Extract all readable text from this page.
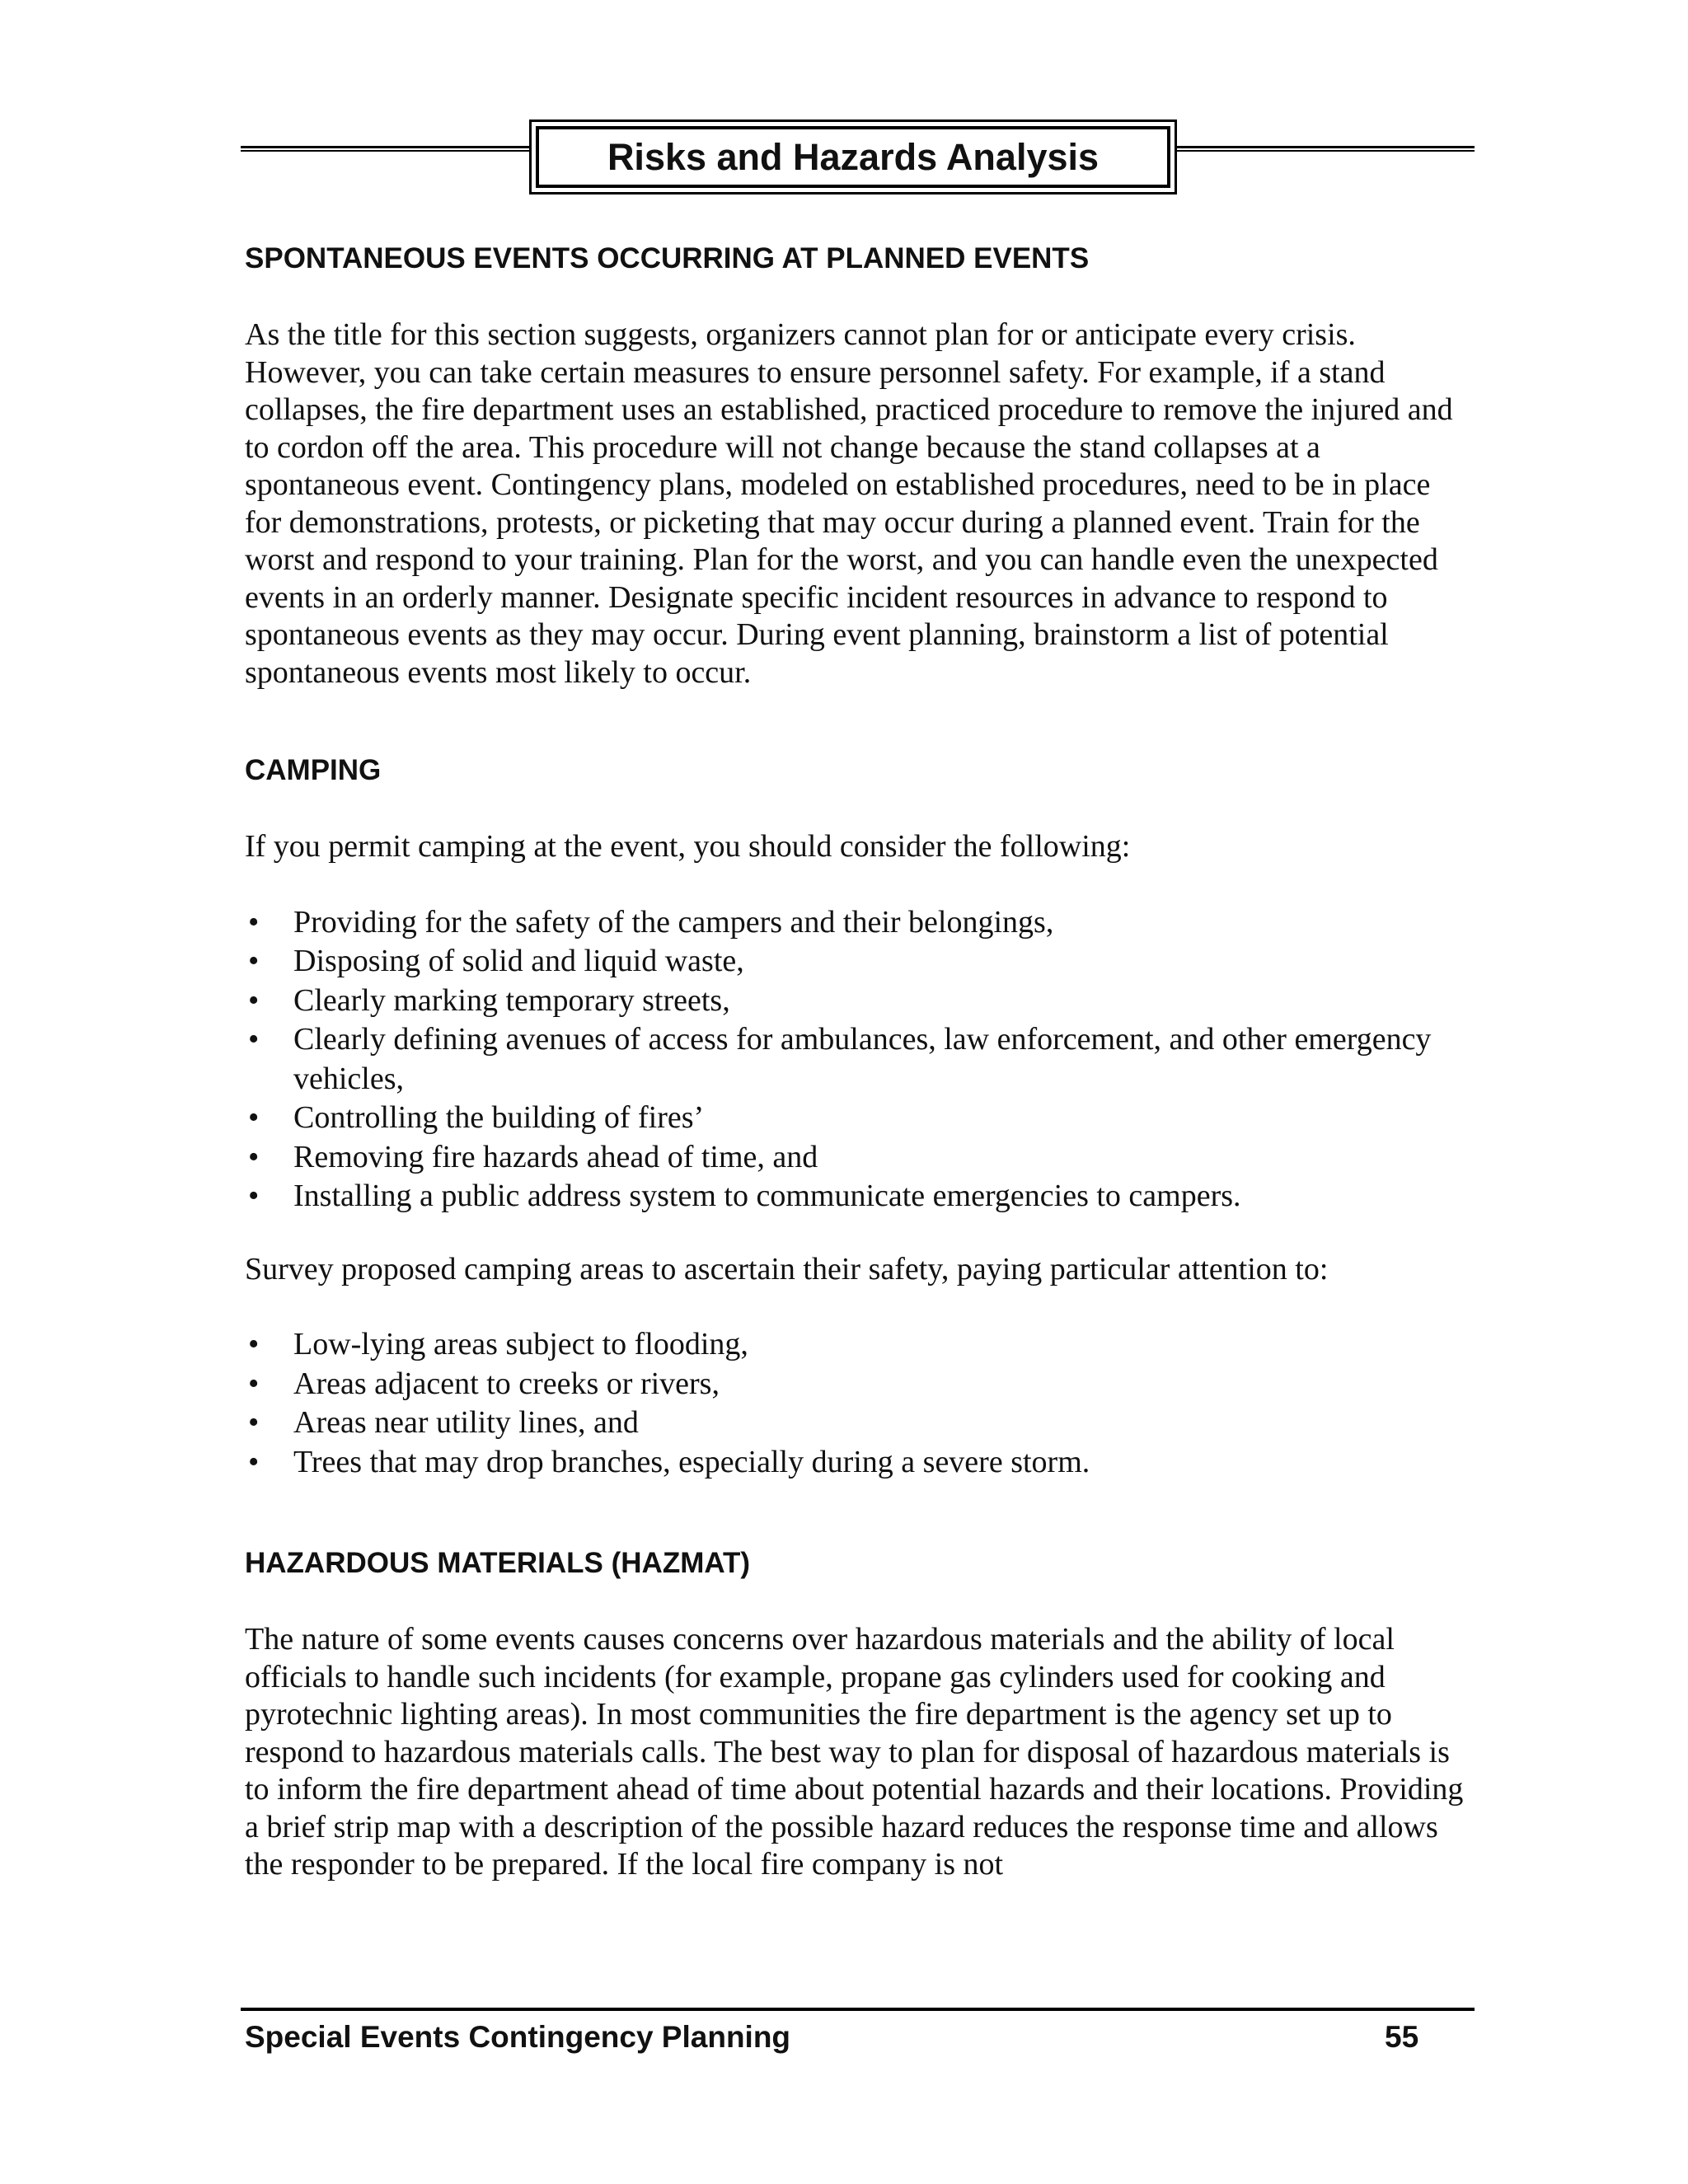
Risks and Hazards Analysis
SPONTANEOUS EVENTS OCCURRING AT PLANNED EVENTS

As the title for this section suggests, organizers cannot plan for or anticipate every crisis. However, you can take certain measures to ensure personnel safety. For example, if a stand collapses, the fire department uses an established, practiced procedure to remove the injured and to cordon off the area. This procedure will not change because the stand collapses at a spontaneous event. Contingency plans, modeled on established procedures, need to be in place for demonstrations, protests, or picketing that may occur during a planned event. Train for the worst and respond to your training. Plan for the worst, and you can handle even the unexpected events in an orderly manner. Designate specific incident resources in advance to respond to spontaneous events as they may occur. During event planning, brainstorm a list of potential spontaneous events most likely to occur.

CAMPING

If you permit camping at the event, you should consider the following:

• Providing for the safety of the campers and their belongings,
• Disposing of solid and liquid waste,
• Clearly marking temporary streets,
• Clearly defining avenues of access for ambulances, law enforcement, and other emergency vehicles,
• Controlling the building of fires’
• Removing fire hazards ahead of time, and
• Installing a public address system to communicate emergencies to campers.

Survey proposed camping areas to ascertain their safety, paying particular attention to:

• Low-lying areas subject to flooding,
• Areas adjacent to creeks or rivers,
• Areas near utility lines, and
• Trees that may drop branches, especially during a severe storm.
HAZARDOUS MATERIALS (HAZMAT)

The nature of some events causes concerns over hazardous materials and the ability of local officials to handle such incidents (for example, propane gas cylinders used for cooking and pyrotechnic lighting areas). In most communities the fire department is the agency set up to respond to hazardous materials calls. The best way to plan for disposal of hazardous materials is to inform the fire department ahead of time about potential hazards and their locations. Providing a brief strip map with a description of the possible hazard reduces the response time and allows the responder to be prepared. If the local fire company is not

Special Events Contingency Planning	55
